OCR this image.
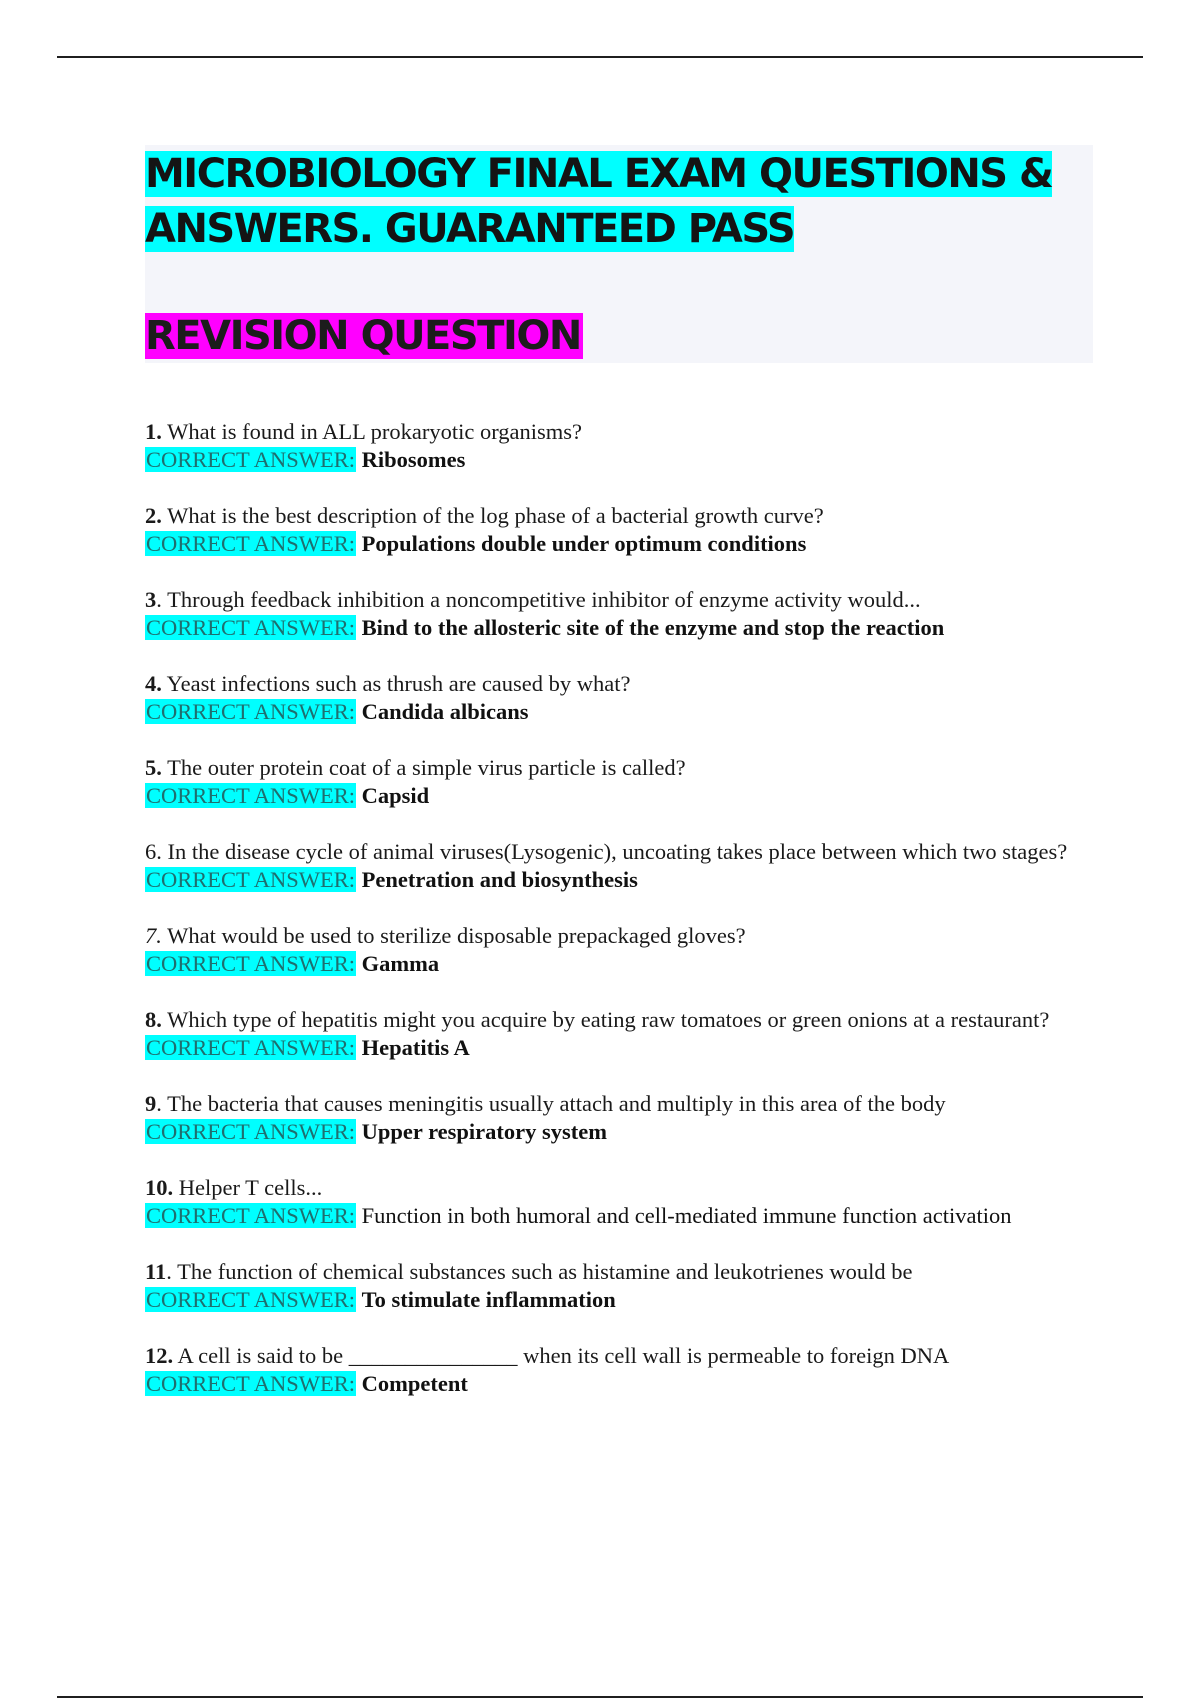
MICROBIOLOGY FINAL EXAM QUESTIONS & ANSWERS. GUARANTEED PASS
REVISION QUESTION
1. What is found in ALL prokaryotic organisms?
CORRECT ANSWER: Ribosomes
2. What is the best description of the log phase of a bacterial growth curve?
CORRECT ANSWER: Populations double under optimum conditions
3. Through feedback inhibition a noncompetitive inhibitor of enzyme activity would...
CORRECT ANSWER: Bind to the allosteric site of the enzyme and stop the reaction
4. Yeast infections such as thrush are caused by what?
CORRECT ANSWER: Candida albicans
5. The outer protein coat of a simple virus particle is called?
CORRECT ANSWER: Capsid
6. In the disease cycle of animal viruses(Lysogenic), uncoating takes place between which two stages?
CORRECT ANSWER: Penetration and biosynthesis
7. What would be used to sterilize disposable prepackaged gloves?
CORRECT ANSWER: Gamma
8. Which type of hepatitis might you acquire by eating raw tomatoes or green onions at a restaurant?
CORRECT ANSWER: Hepatitis A
9. The bacteria that causes meningitis usually attach and multiply in this area of the body
CORRECT ANSWER: Upper respiratory system
10. Helper T cells...
CORRECT ANSWER: Function in both humoral and cell-mediated immune function activation
11. The function of chemical substances such as histamine and leukotrienes would be
CORRECT ANSWER: To stimulate inflammation
12. A cell is said to be _______________ when its cell wall is permeable to foreign DNA
CORRECT ANSWER: Competent
